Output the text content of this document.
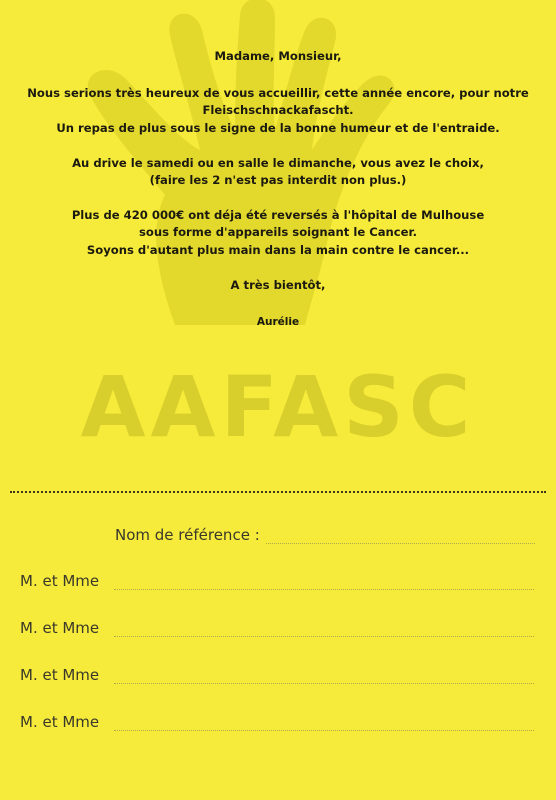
AAFASC

Madame, Monsieur,

Nous serions très heureux de vous accueillir, cette année encore, pour notre
Fleischschnackafascht.
Un repas de plus sous le signe de la bonne humeur et de l'entraide.

Au drive le samedi ou en salle le dimanche, vous avez le choix,
(faire les 2 n'est pas interdit non plus.)

Plus de 420 000€ ont déja été reversés à l'hôpital de Mulhouse
sous forme d'appareils soignant le Cancer.
Soyons d'autant plus main dans la main contre le cancer...

A très bientôt,

Aurélie

Nom de référence :
M. et Mme
M. et Mme
M. et Mme
M. et Mme
